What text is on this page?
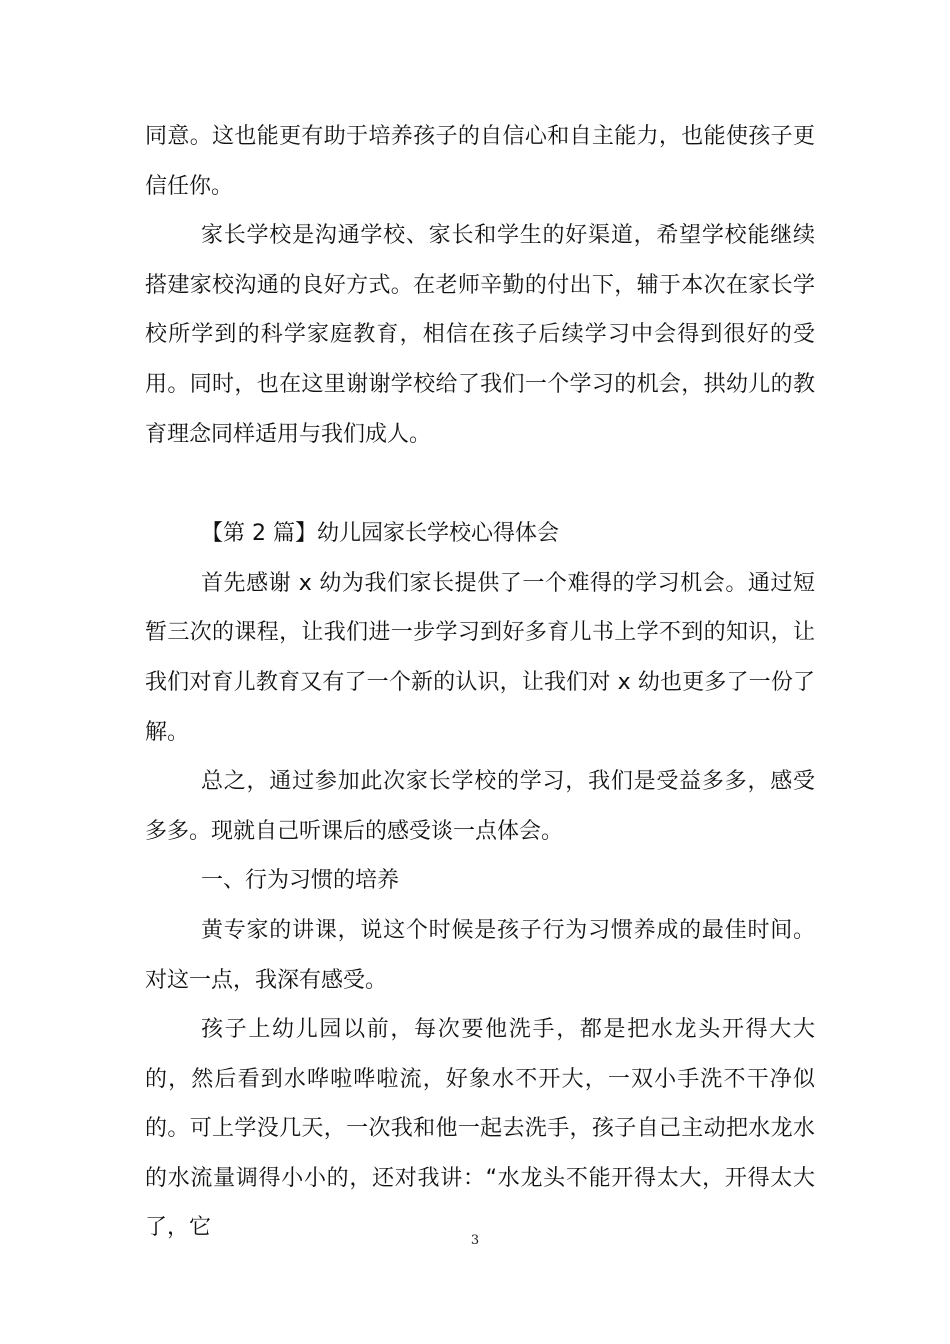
同意。这也能更有助于培养孩子的自信心和自主能力，也能使孩子更信任你。

家长学校是沟通学校、家长和学生的好渠道，希望学校能继续搭建家校沟通的良好方式。在老师辛勤的付出下，辅于本次在家长学校所学到的科学家庭教育，相信在孩子后续学习中会得到很好的受用。同时，也在这里谢谢学校给了我们一个学习的机会，拱幼儿的教育理念同样适用与我们成人。

【第 2 篇】幼儿园家长学校心得体会

首先感谢 x 幼为我们家长提供了一个难得的学习机会。通过短暂三次的课程，让我们进一步学习到好多育儿书上学不到的知识，让我们对育儿教育又有了一个新的认识，让我们对 x 幼也更多了一份了解。

总之，通过参加此次家长学校的学习，我们是受益多多，感受多多。现就自己听课后的感受谈一点体会。

一、行为习惯的培养

黄专家的讲课，说这个时候是孩子行为习惯养成的最佳时间。对这一点，我深有感受。

孩子上幼儿园以前，每次要他洗手，都是把水龙头开得大大的，然后看到水哗啦哗啦流，好象水不开大，一双小手洗不干净似的。可上学没几天，一次我和他一起去洗手，孩子自己主动把水龙水的水流量调得小小的，还对我讲：“水龙头不能开得太大，开得太大了，它

3
